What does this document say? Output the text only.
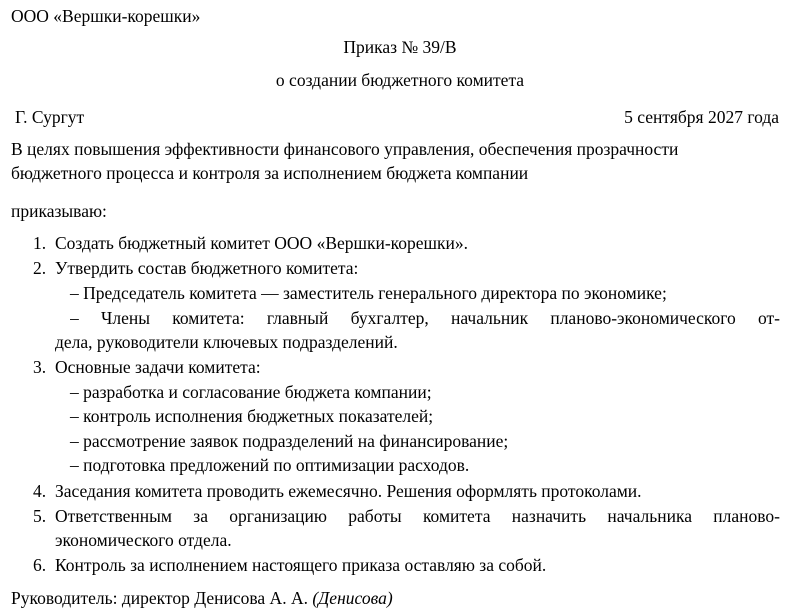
ООО «Вершки-корешки»
Приказ № 39/В
о создании бюджетного комитета
Г. Сургут	5 сентября 2027 года
В целях повышения эффективности финансового управления, обеспечения прозрачности
бюджетного процесса и контроля за исполнением бюджета компании
приказываю:
1. Создать бюджетный комитет ООО «Вершки-корешки».
2. Утвердить состав бюджетного комитета:
– Председатель комитета — заместитель генерального директора по экономике;
– Члены комитета: главный бухгалтер, начальник планово-экономического от-
дела, руководители ключевых подразделений.
3. Основные задачи комитета:
– разработка и согласование бюджета компании;
– контроль исполнения бюджетных показателей;
– рассмотрение заявок подразделений на финансирование;
– подготовка предложений по оптимизации расходов.
4. Заседания комитета проводить ежемесячно. Решения оформлять протоколами.
5. Ответственным за организацию работы комитета назначить начальника планово-
экономического отдела.
6. Контроль за исполнением настоящего приказа оставляю за собой.
Руководитель: директор Денисова А. А. (Денисова)
